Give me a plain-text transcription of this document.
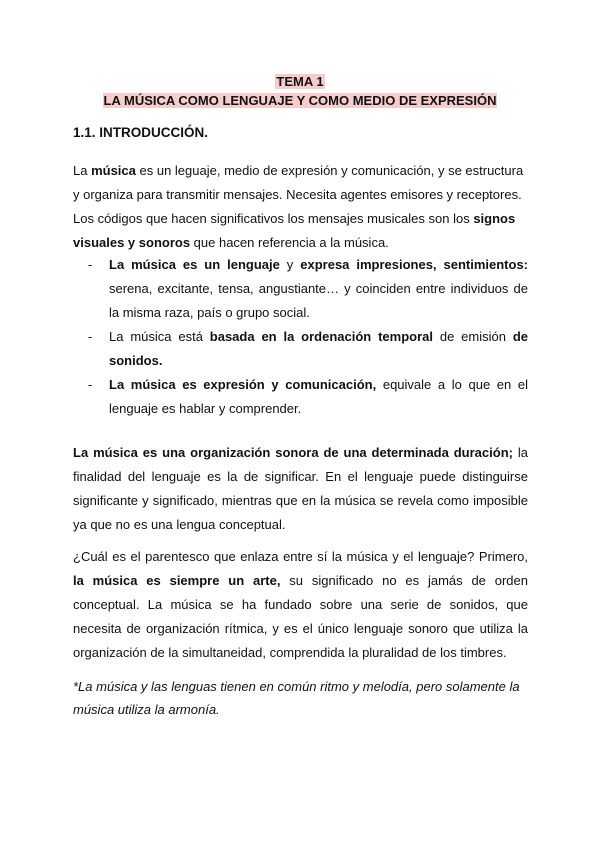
TEMA 1
LA MÚSICA COMO LENGUAJE Y COMO MEDIO DE EXPRESIÓN
1.1. INTRODUCCIÓN.

La música es un leguaje, medio de expresión y comunicación, y se estructura y organiza para transmitir mensajes. Necesita agentes emisores y receptores. Los códigos que hacen significativos los mensajes musicales son los signos visuales y sonoros que hacen referencia a la música.

- La música es un lenguaje y expresa impresiones, sentimientos: serena, excitante, tensa, angustiante… y coinciden entre individuos de la misma raza, país o grupo social.
- La música está basada en la ordenación temporal de emisión de sonidos.
- La música es expresión y comunicación, equivale a lo que en el lenguaje es hablar y comprender.

La música es una organización sonora de una determinada duración; la finalidad del lenguaje es la de significar. En el lenguaje puede distinguirse significante y significado, mientras que en la música se revela como imposible ya que no es una lengua conceptual.

¿Cuál es el parentesco que enlaza entre sí la música y el lenguaje? Primero, la música es siempre un arte, su significado no es jamás de orden conceptual. La música se ha fundado sobre una serie de sonidos, que necesita de organización rítmica, y es el único lenguaje sonoro que utiliza la organización de la simultaneidad, comprendida la pluralidad de los timbres.

*La música y las lenguas tienen en común ritmo y melodía, pero solamente la música utiliza la armonía.
